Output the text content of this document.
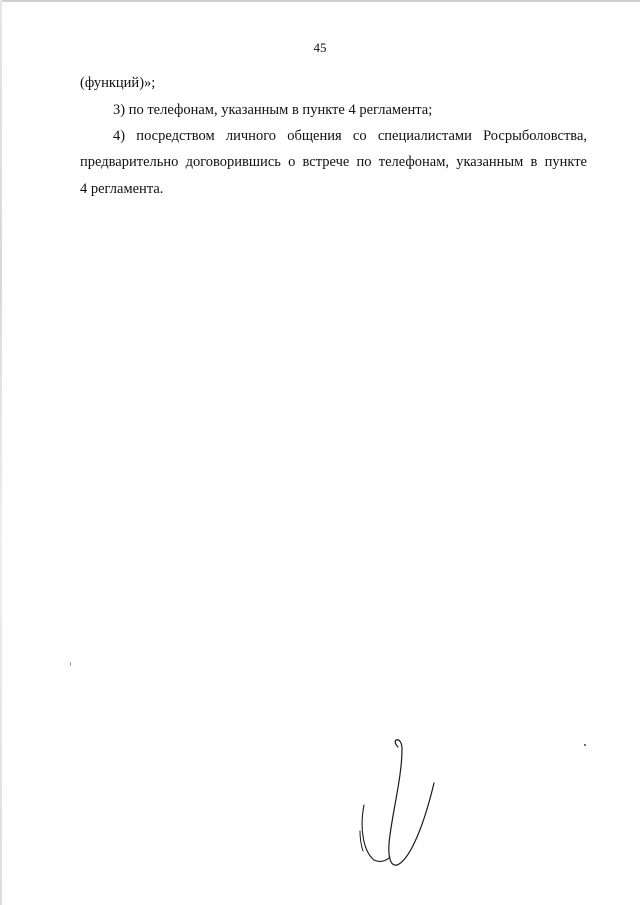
45
(функций)»;
3) по телефонам, указанным в пункте 4 регламента;
4) посредством личного общения со специалистами Росрыболовства,
предварительно договорившись о встрече по телефонам, указанным в пункте
4 регламента.
